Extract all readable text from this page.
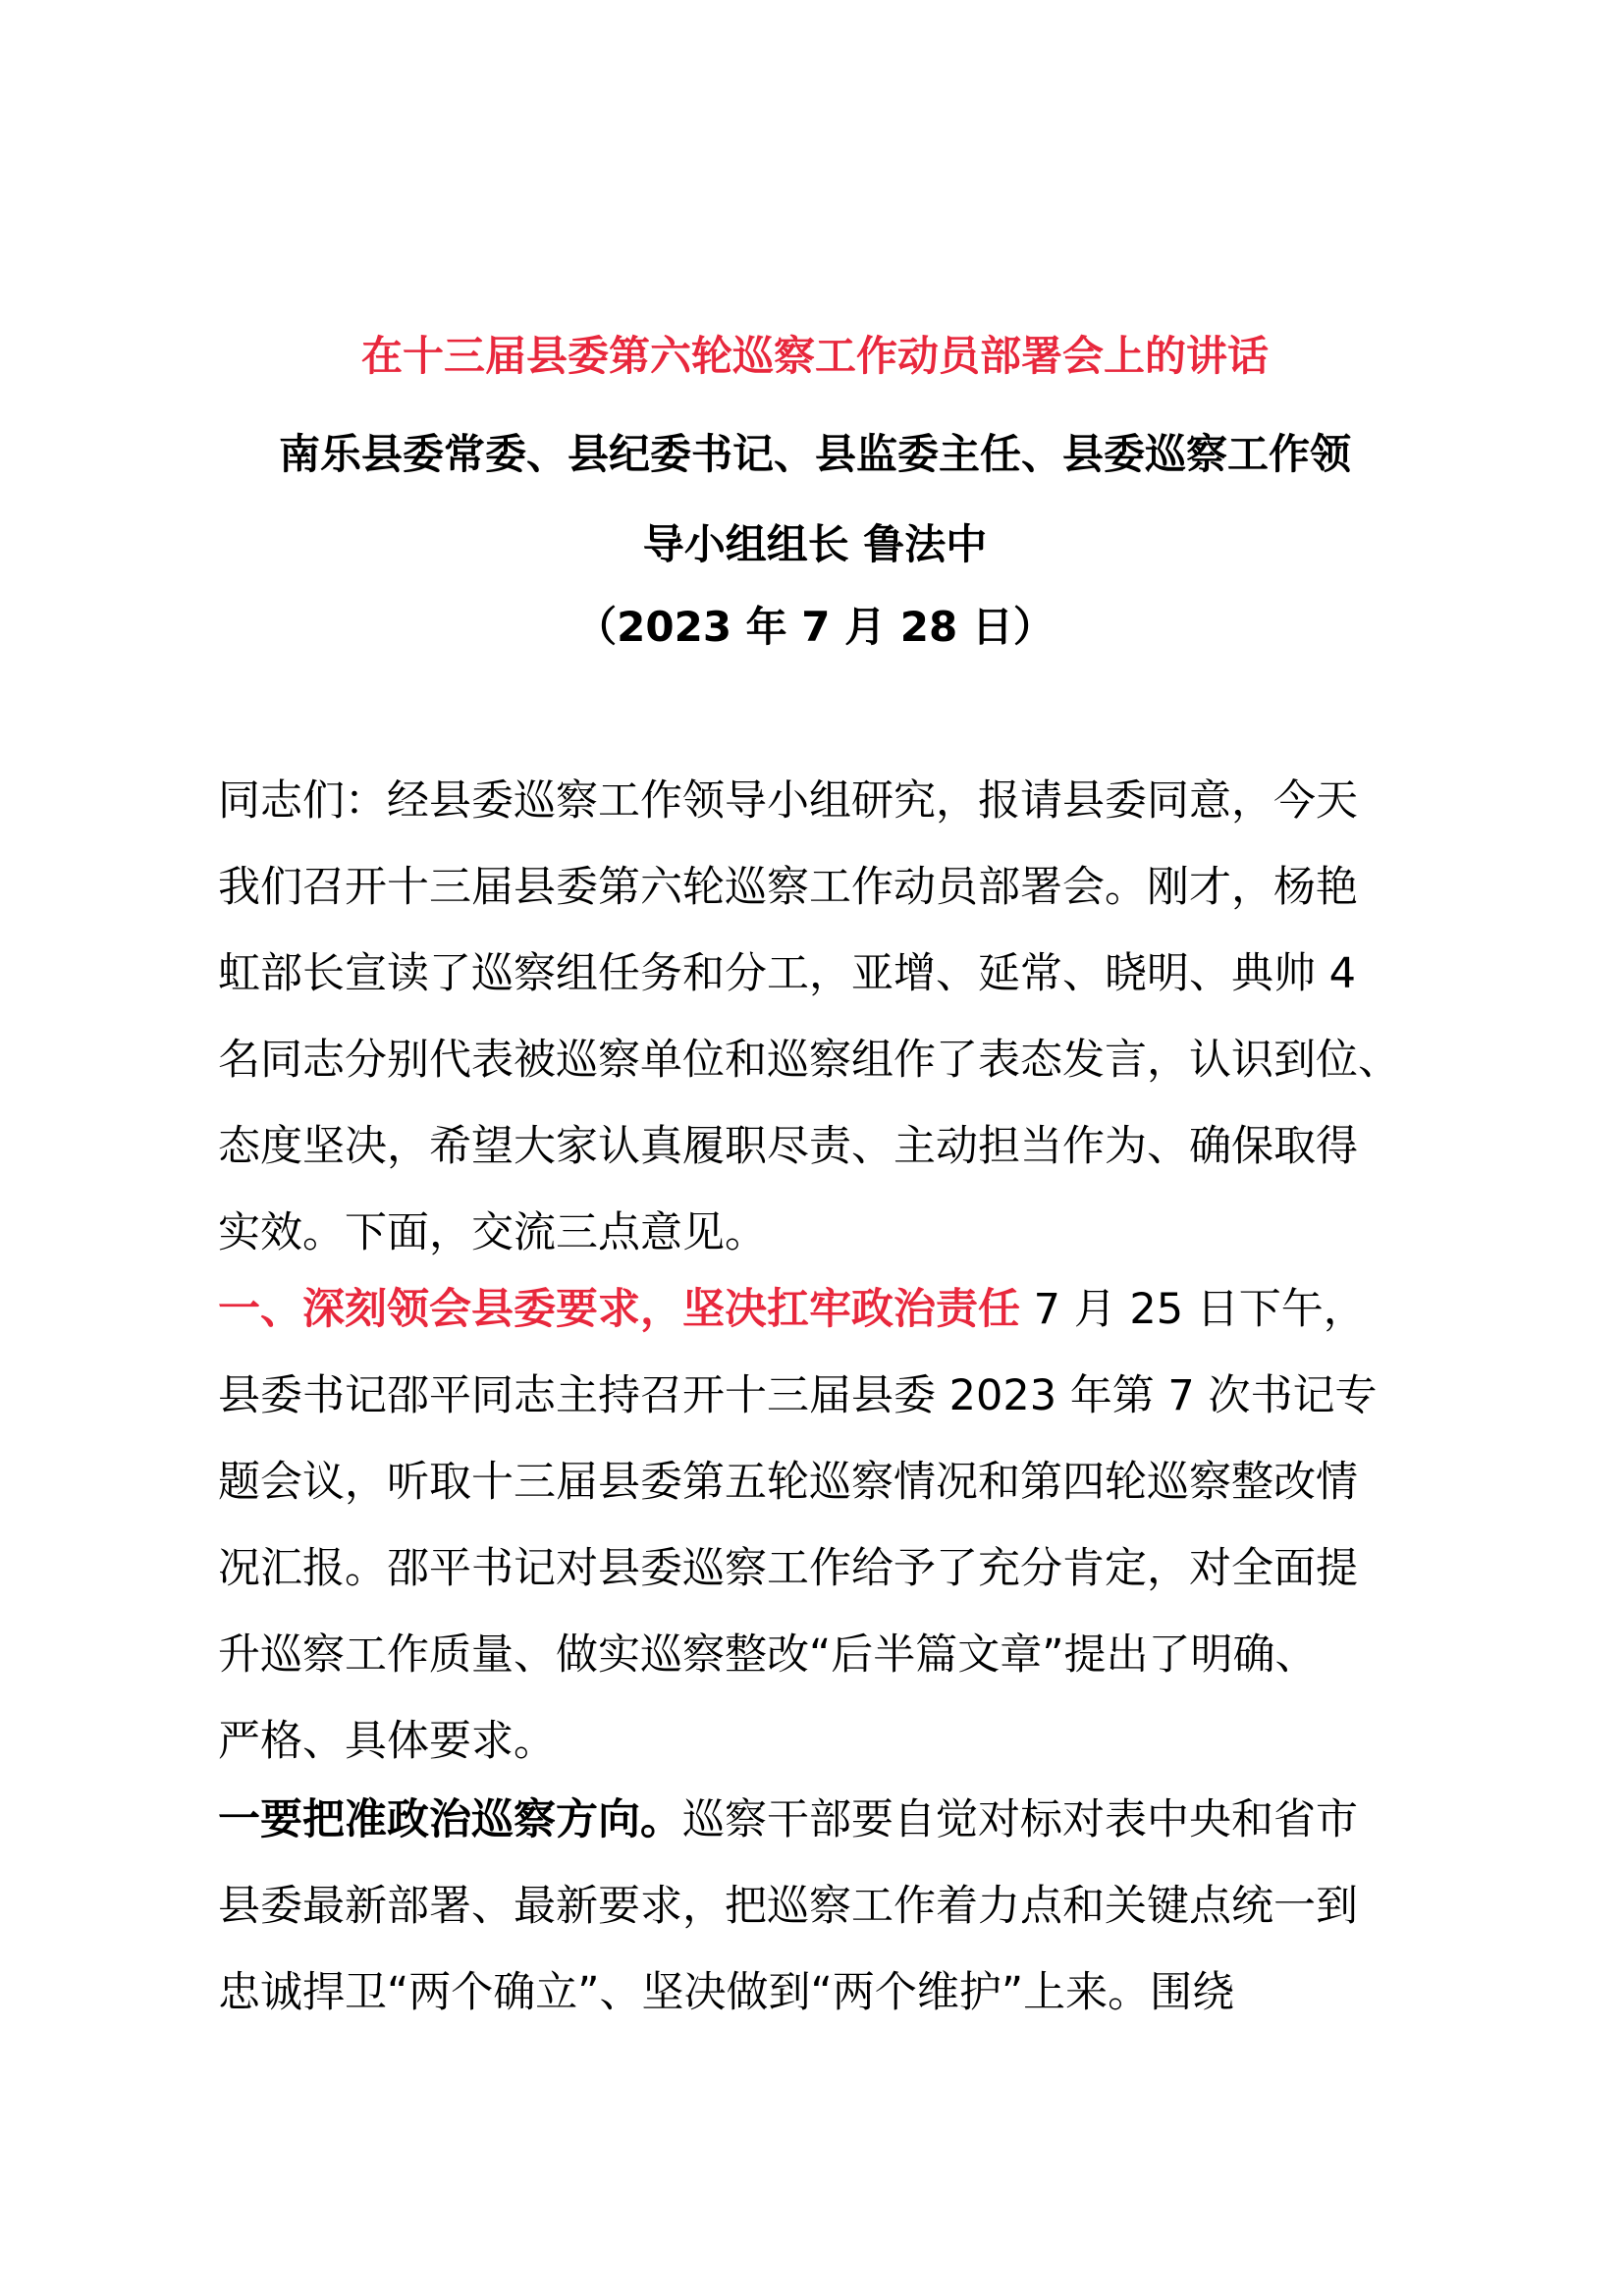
在十三届县委第六轮巡察工作动员部署会上的讲话
南乐县委常委、县纪委书记、县监委主任、县委巡察工作领
导小组组长 鲁法中
（2023 年 7 月 28 日）
同志们：经县委巡察工作领导小组研究，报请县委同意，今天
我们召开十三届县委第六轮巡察工作动员部署会。刚才，杨艳
虹部长宣读了巡察组任务和分工，亚增、延常、晓明、典帅 4
名同志分别代表被巡察单位和巡察组作了表态发言，认识到位、
态度坚决，希望大家认真履职尽责、主动担当作为、确保取得
实效。下面，交流三点意见。
一、深刻领会县委要求，坚决扛牢政治责任 7 月 25 日下午，
县委书记邵平同志主持召开十三届县委 2023 年第 7 次书记专
题会议，听取十三届县委第五轮巡察情况和第四轮巡察整改情
况汇报。邵平书记对县委巡察工作给予了充分肯定，对全面提
升巡察工作质量、做实巡察整改“后半篇文章”提出了明确、
严格、具体要求。
一要把准政治巡察方向。巡察干部要自觉对标对表中央和省市
县委最新部署、最新要求，把巡察工作着力点和关键点统一到
忠诚捍卫“两个确立”、坚决做到“两个维护”上来。围绕
